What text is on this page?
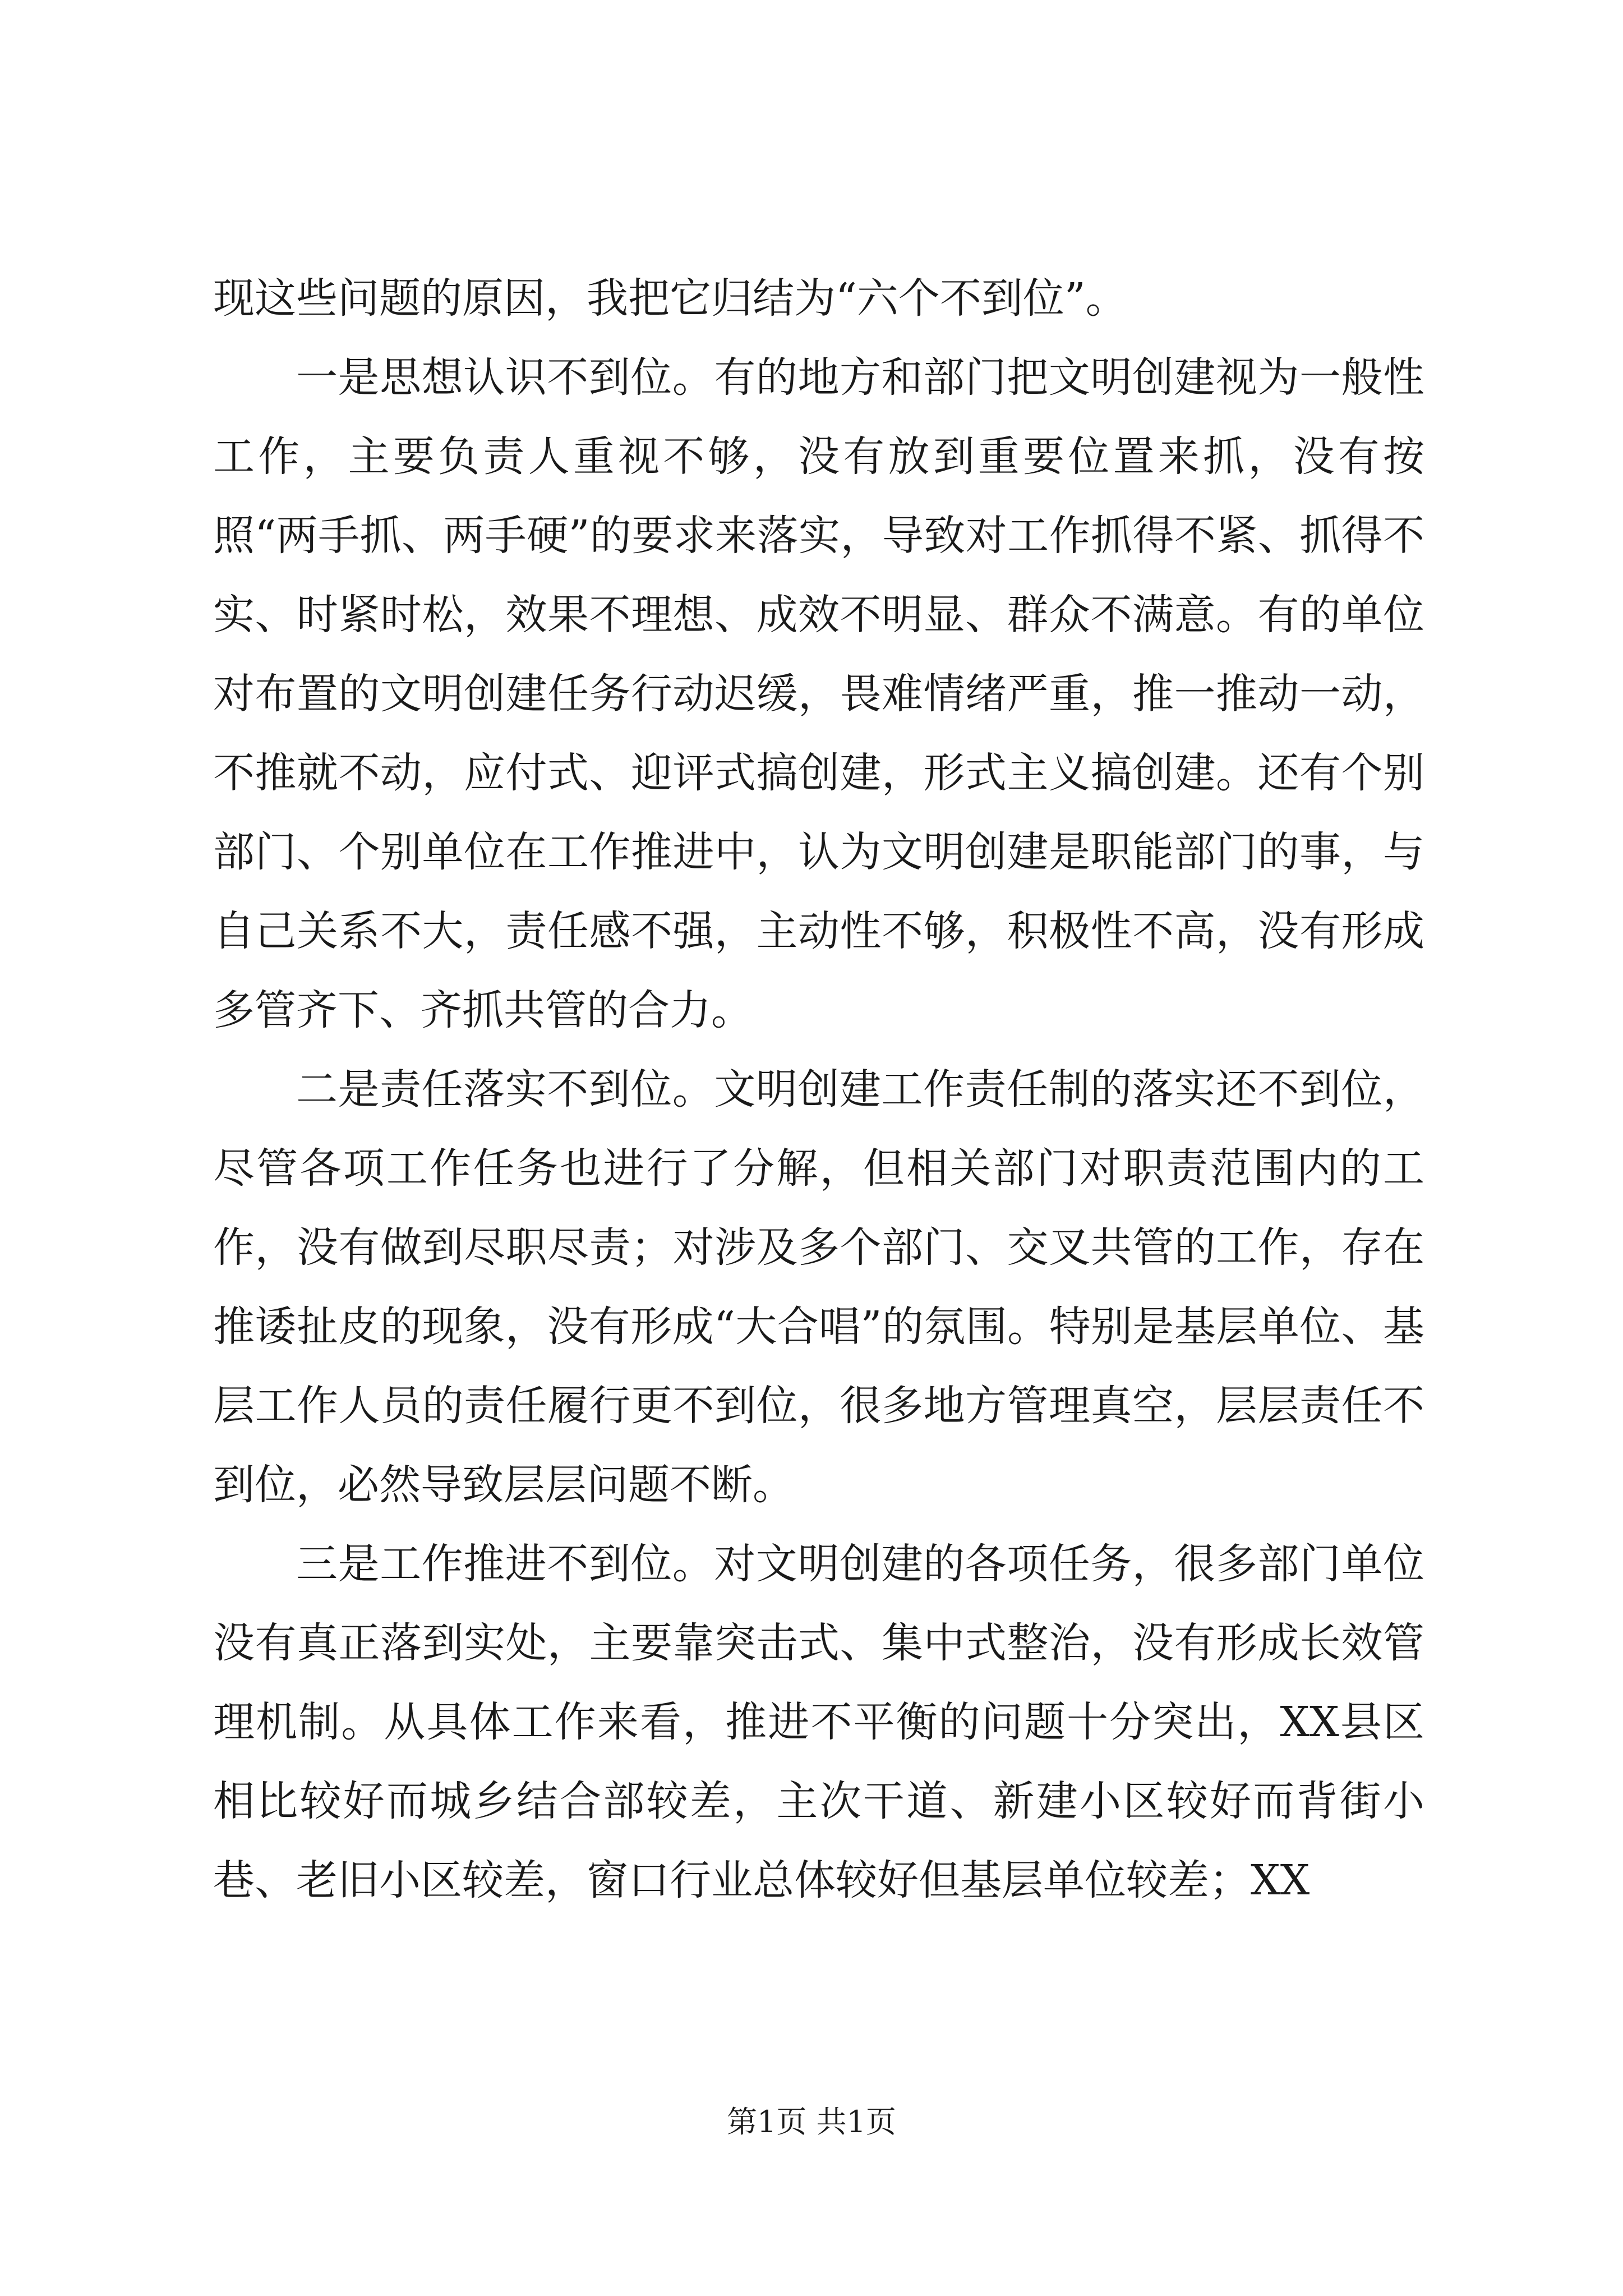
现这些问题的原因，我把它归结为“六个不到位”。

一是思想认识不到位。有的地方和部门把文明创建视为一般性工作，主要负责人重视不够，没有放到重要位置来抓，没有按照“两手抓、两手硬”的要求来落实，导致对工作抓得不紧、抓得不实、时紧时松，效果不理想、成效不明显、群众不满意。有的单位对布置的文明创建任务行动迟缓，畏难情绪严重，推一推动一动，不推就不动，应付式、迎评式搞创建，形式主义搞创建。还有个别部门、个别单位在工作推进中，认为文明创建是职能部门的事，与自己关系不大，责任感不强，主动性不够，积极性不高，没有形成多管齐下、齐抓共管的合力。

二是责任落实不到位。文明创建工作责任制的落实还不到位，尽管各项工作任务也进行了分解，但相关部门对职责范围内的工作，没有做到尽职尽责；对涉及多个部门、交叉共管的工作，存在推诿扯皮的现象，没有形成“大合唱”的氛围。特别是基层单位、基层工作人员的责任履行更不到位，很多地方管理真空，层层责任不到位，必然导致层层问题不断。

三是工作推进不到位。对文明创建的各项任务，很多部门单位没有真正落到实处，主要靠突击式、集中式整治，没有形成长效管理机制。从具体工作来看，推进不平衡的问题十分突出，XX县区相比较好而城乡结合部较差，主次干道、新建小区较好而背街小巷、老旧小区较差，窗口行业总体较好但基层单位较差；XX

第1页 共1页
